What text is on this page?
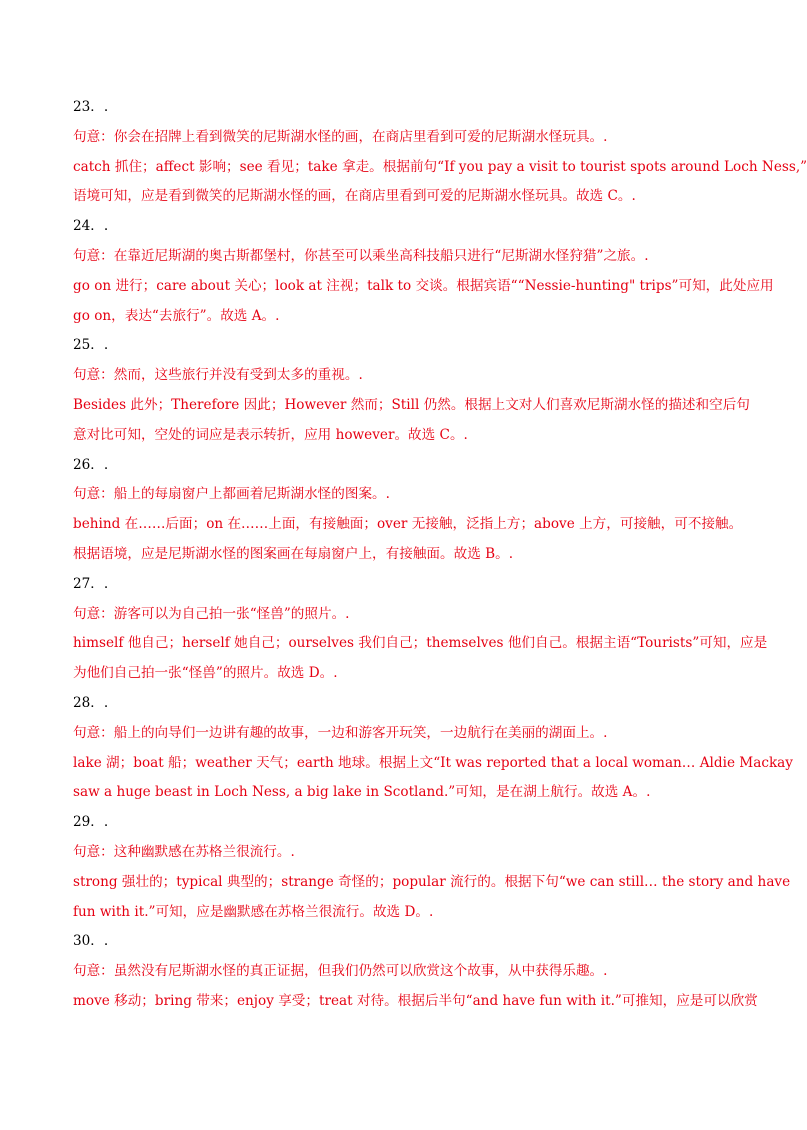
23．.
句意：你会在招牌上看到微笑的尼斯湖水怪的画，在商店里看到可爱的尼斯湖水怪玩具。.
catch 抓住；affect 影响；see 看见；take 拿走。根据前句“If you pay a visit to tourist spots around Loch Ness,”
语境可知，应是看到微笑的尼斯湖水怪的画，在商店里看到可爱的尼斯湖水怪玩具。故选 C。.
24．.
句意：在靠近尼斯湖的奥古斯都堡村，你甚至可以乘坐高科技船只进行“尼斯湖水怪狩猎”之旅。.
go on 进行；care about 关心；look at 注视；talk to 交谈。根据宾语““Nessie-hunting" trips”可知，此处应用
go on，表达“去旅行”。故选 A。.
25．.
句意：然而，这些旅行并没有受到太多的重视。.
Besides 此外；Therefore 因此；However 然而；Still 仍然。根据上文对人们喜欢尼斯湖水怪的描述和空后句
意对比可知，空处的词应是表示转折，应用 however。故选 C。.
26．.
句意：船上的每扇窗户上都画着尼斯湖水怪的图案。.
behind 在……后面；on 在……上面，有接触面；over 无接触，泛指上方；above 上方，可接触，可不接触。
根据语境，应是尼斯湖水怪的图案画在每扇窗户上，有接触面。故选 B。.
27．.
句意：游客可以为自己拍一张“怪兽”的照片。.
himself 他自己；herself 她自己；ourselves 我们自己；themselves 他们自己。根据主语“Tourists”可知，应是
为他们自己拍一张“怪兽”的照片。故选 D。.
28．.
句意：船上的向导们一边讲有趣的故事，一边和游客开玩笑，一边航行在美丽的湖面上。.
lake 湖；boat 船；weather 天气；earth 地球。根据上文“It was reported that a local woman… Aldie Mackay
saw a huge beast in Loch Ness, a big lake in Scotland.”可知，是在湖上航行。故选 A。.
29．.
句意：这种幽默感在苏格兰很流行。.
strong 强壮的；typical 典型的；strange 奇怪的；popular 流行的。根据下句“we can still… the story and have
fun with it.”可知，应是幽默感在苏格兰很流行。故选 D。.
30．.
句意：虽然没有尼斯湖水怪的真正证据，但我们仍然可以欣赏这个故事，从中获得乐趣。.
move 移动；bring 带来；enjoy 享受；treat 对待。根据后半句“and have fun with it.”可推知，应是可以欣赏
